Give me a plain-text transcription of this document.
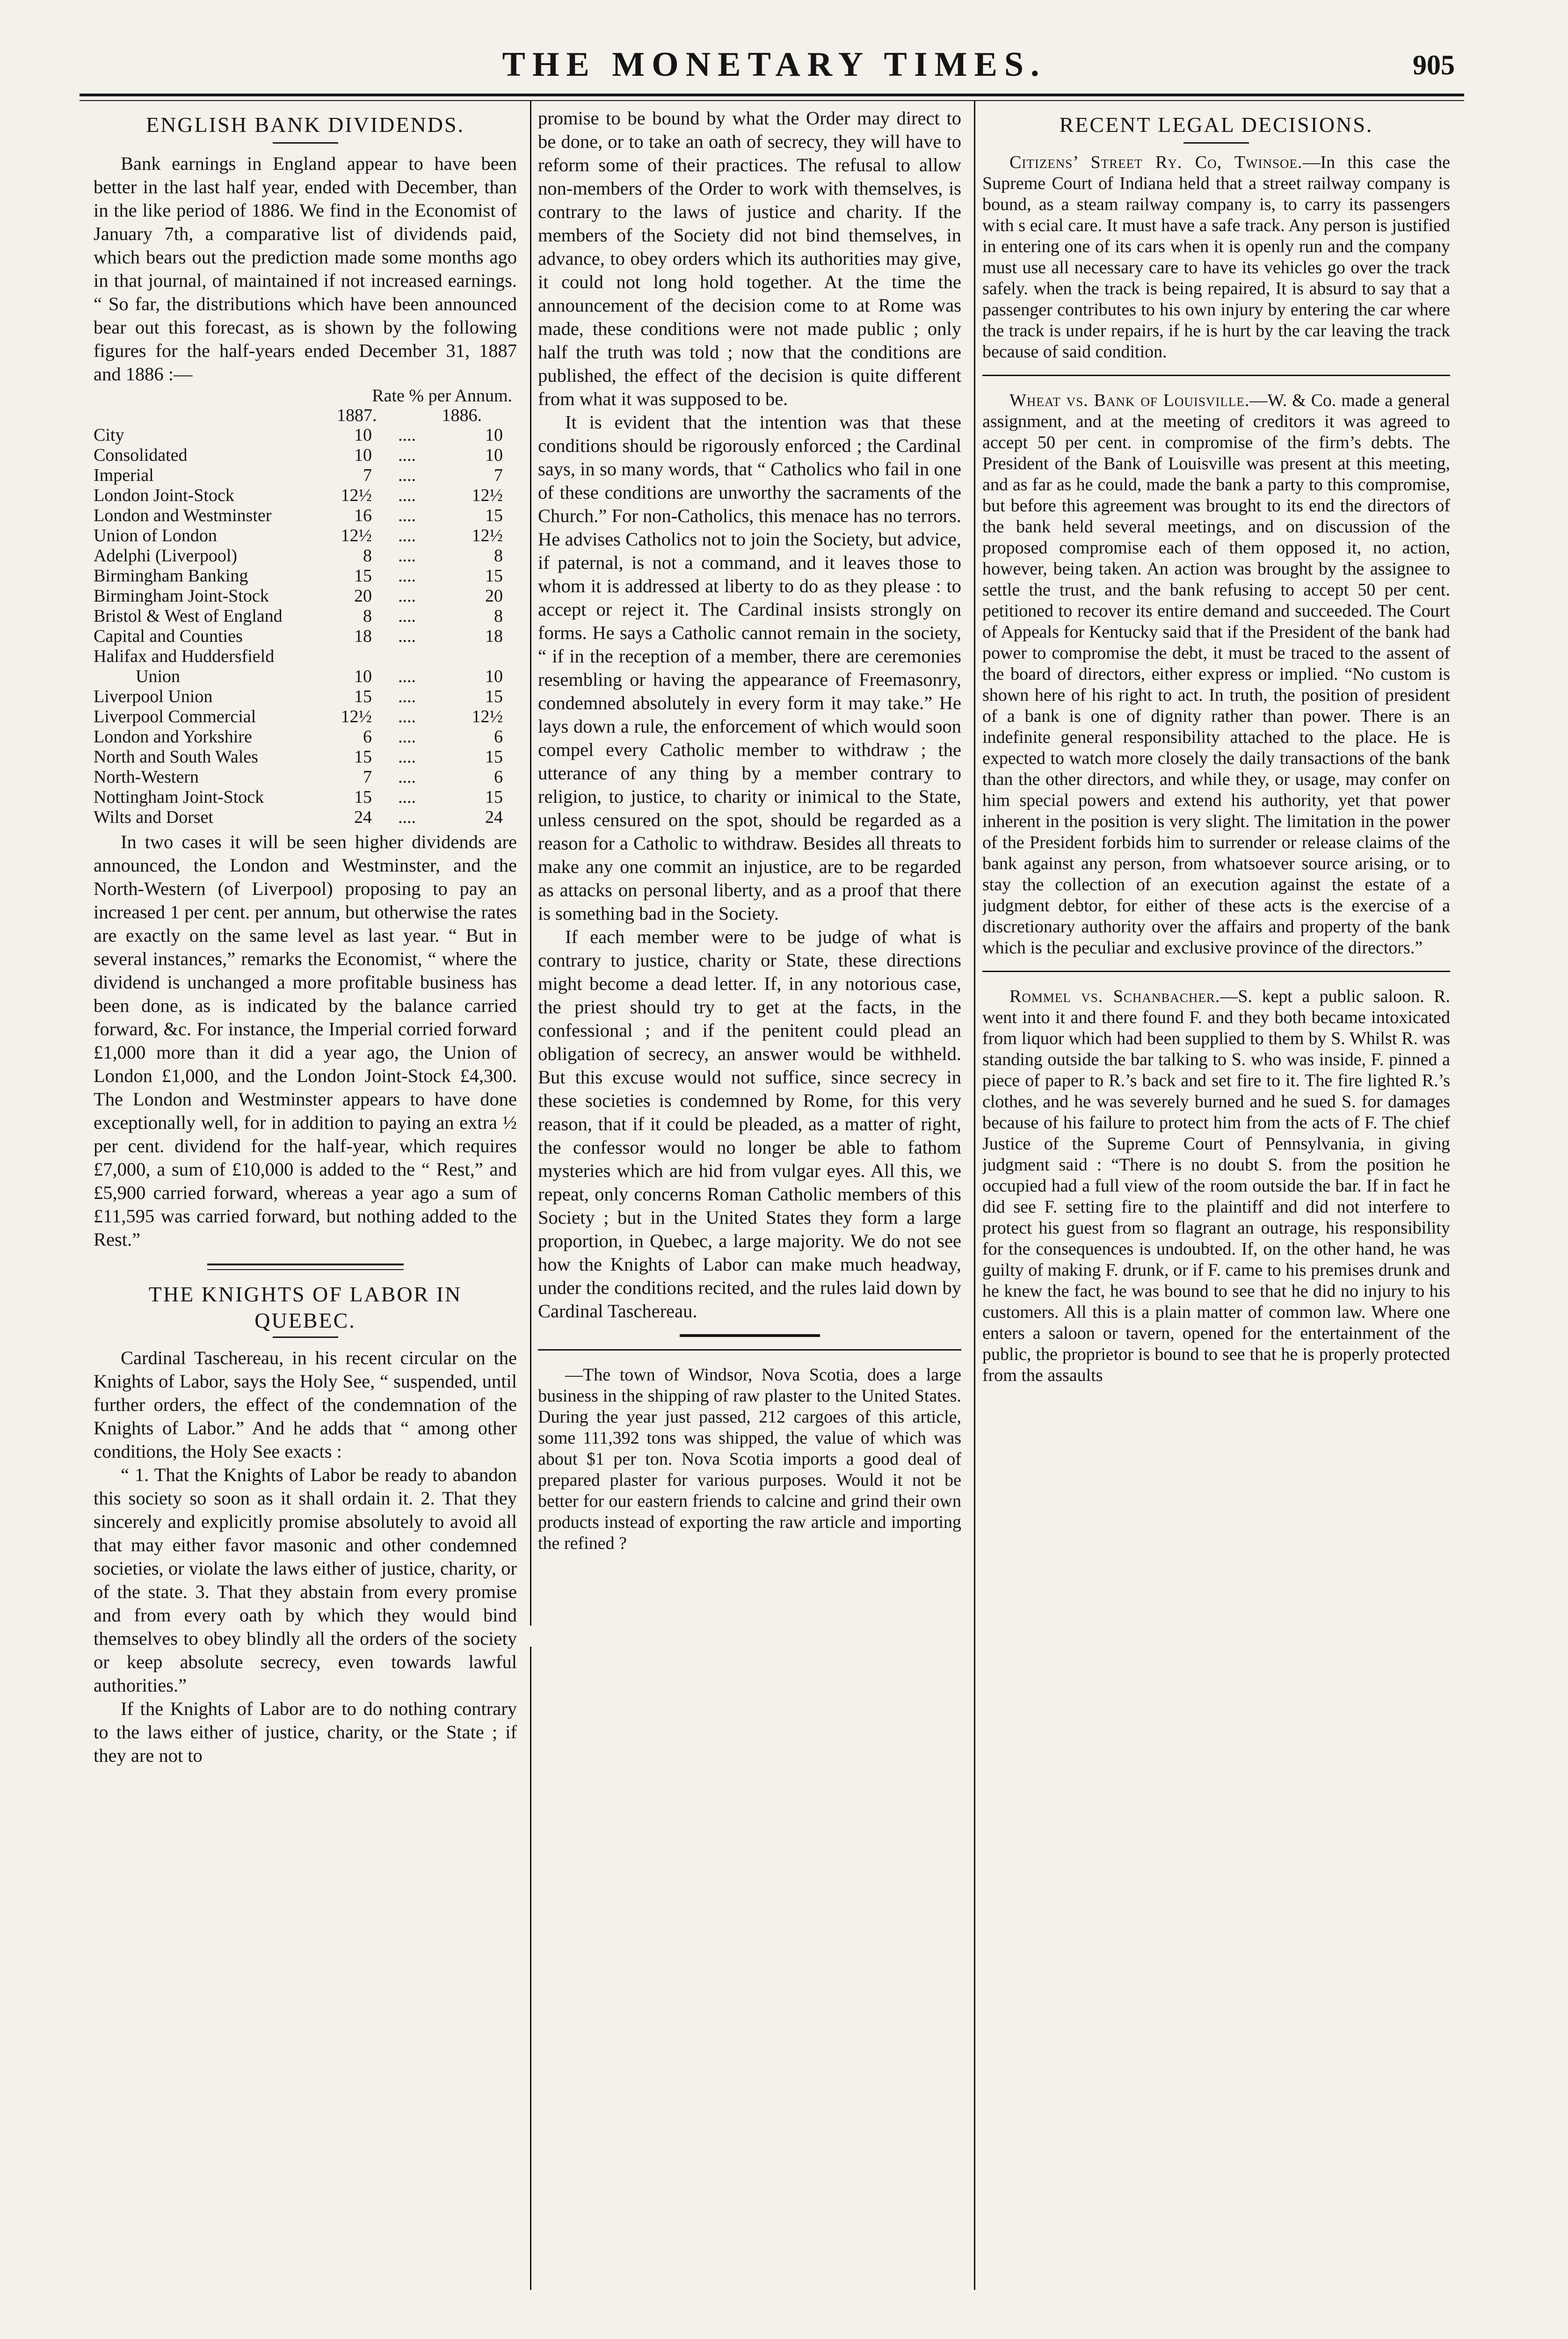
THE MONETARY TIMES.	905
ENGLISH BANK DIVIDENDS.

Bank earnings in England appear to have been better in the last half year, ended with December, than in the like period of 1886. We find in the Economist of January 7th, a comparative list of dividends paid, which bears out the prediction made some months ago in that journal, of maintained if not increased earnings. “ So far, the distributions which have been announced bear out this forecast, as is shown by the following figures for the half-years ended December 31, 1887 and 1886 :—

Rate % per Annum.
1887.	1886.
City	10	....	10
Consolidated	10	....	10
Imperial	7	....	7
London Joint-Stock	12½	....	12½
London and Westminster	16	....	15
Union of London	12½	....	12½
Adelphi (Liverpool)	8	....	8
Birmingham Banking	15	....	15
Birmingham Joint-Stock	20	....	20
Bristol & West of England	8	....	8
Capital and Counties	18	....	18
Halifax and Huddersfield			
Union	10	....	10
Liverpool Union	15	....	15
Liverpool Commercial	12½	....	12½
London and Yorkshire	6	....	6
North and South Wales	15	....	15
North-Western	7	....	6
Nottingham Joint-Stock	15	....	15
Wilts and Dorset	24	....	24

In two cases it will be seen higher dividends are announced, the London and Westminster, and the North-Western (of Liverpool) proposing to pay an increased 1 per cent. per annum, but otherwise the rates are exactly on the same level as last year. “ But in several instances,” remarks the Economist, “ where the dividend is unchanged a more profitable business has been done, as is indicated by the balance carried forward, &c. For instance, the Imperial corried forward £1,000 more than it did a year ago, the Union of London £1,000, and the London Joint-Stock £4,300. The London and Westminster appears to have done exceptionally well, for in addition to paying an extra ½ per cent. dividend for the half-year, which requires £7,000, a sum of £10,000 is added to the “ Rest,” and £5,900 carried forward, whereas a year ago a sum of £11,595 was carried forward, but nothing added to the Rest.”

THE KNIGHTS OF LABOR IN
QUEBEC.

Cardinal Taschereau, in his recent circular on the Knights of Labor, says the Holy See, “ suspended, until further orders, the effect of the condemnation of the Knights of Labor.” And he adds that “ among other conditions, the Holy See exacts :

“ 1. That the Knights of Labor be ready to abandon this society so soon as it shall ordain it. 2. That they sincerely and explicitly promise absolutely to avoid all that may either favor masonic and other condemned societies, or violate the laws either of justice, charity, or of the state. 3. That they abstain from every promise and from every oath by which they would bind themselves to obey blindly all the orders of the society or keep absolute secrecy, even towards lawful authorities.”

If the Knights of Labor are to do nothing contrary to the laws either of justice, charity, or the State ; if they are not to

promise to be bound by what the Order may direct to be done, or to take an oath of secrecy, they will have to reform some of their practices. The refusal to allow non-members of the Order to work with themselves, is contrary to the laws of justice and charity. If the members of the Society did not bind themselves, in advance, to obey orders which its authorities may give, it could not long hold together. At the time the announcement of the decision come to at Rome was made, these conditions were not made public ; only half the truth was told ; now that the conditions are published, the effect of the decision is quite different from what it was supposed to be.

It is evident that the intention was that these conditions should be rigorously enforced ; the Cardinal says, in so many words, that “ Catholics who fail in one of these conditions are unworthy the sacraments of the Church.” For non-Catholics, this menace has no terrors. He advises Catholics not to join the Society, but advice, if paternal, is not a command, and it leaves those to whom it is addressed at liberty to do as they please : to accept or reject it. The Cardinal insists strongly on forms. He says a Catholic cannot remain in the society, “ if in the reception of a member, there are ceremonies resembling or having the appearance of Freemasonry, condemned absolutely in every form it may take.” He lays down a rule, the enforcement of which would soon compel every Catholic member to withdraw ; the utterance of any thing by a member contrary to religion, to justice, to charity or inimical to the State, unless censured on the spot, should be regarded as a reason for a Catholic to withdraw. Besides all threats to make any one commit an injustice, are to be regarded as attacks on personal liberty, and as a proof that there is something bad in the Society.

If each member were to be judge of what is contrary to justice, charity or State, these directions might become a dead letter. If, in any notorious case, the priest should try to get at the facts, in the confessional ; and if the penitent could plead an obligation of secrecy, an answer would be withheld. But this excuse would not suffice, since secrecy in these societies is condemned by Rome, for this very reason, that if it could be pleaded, as a matter of right, the confessor would no longer be able to fathom mysteries which are hid from vulgar eyes. All this, we repeat, only concerns Roman Catholic members of this Society ; but in the United States they form a large proportion, in Quebec, a large majority. We do not see how the Knights of Labor can make much headway, under the conditions recited, and the rules laid down by Cardinal Taschereau.

—The town of Windsor, Nova Scotia, does a large business in the shipping of raw plaster to the United States. During the year just passed, 212 cargoes of this article, some 111,392 tons was shipped, the value of which was about $1 per ton. Nova Scotia imports a good deal of prepared plaster for various purposes. Would it not be better for our eastern friends to calcine and grind their own products instead of exporting the raw article and importing the refined ?

RECENT LEGAL DECISIONS.

Citizens’ Street Ry. Co, Twinsoe.—In this case the Supreme Court of Indiana held that a street railway company is bound, as a steam railway company is, to carry its passengers with s ecial care. It must have a safe track. Any person is justified in entering one of its cars when it is openly run and the company must use all necessary care to have its vehicles go over the track safely. when the track is being repaired, It is absurd to say that a passenger contributes to his own injury by entering the car where the track is under repairs, if he is hurt by the car leaving the track because of said condition.

Wheat vs. Bank of Louisville.—W. & Co. made a general assignment, and at the meeting of creditors it was agreed to accept 50 per cent. in compromise of the firm’s debts. The President of the Bank of Louisville was present at this meeting, and as far as he could, made the bank a party to this compromise, but before this agreement was brought to its end the directors of the bank held several meetings, and on discussion of the proposed compromise each of them opposed it, no action, however, being taken. An action was brought by the assignee to settle the trust, and the bank refusing to accept 50 per cent. petitioned to recover its entire demand and succeeded. The Court of Appeals for Kentucky said that if the President of the bank had power to compromise the debt, it must be traced to the assent of the board of directors, either express or implied. “No custom is shown here of his right to act. In truth, the position of president of a bank is one of dignity rather than power. There is an indefinite general responsibility attached to the place. He is expected to watch more closely the daily transactions of the bank than the other directors, and while they, or usage, may confer on him special powers and extend his authority, yet that power inherent in the position is very slight. The limitation in the power of the President forbids him to surrender or release claims of the bank against any person, from whatsoever source arising, or to stay the collection of an execution against the estate of a judgment debtor, for either of these acts is the exercise of a discretionary authority over the affairs and property of the bank which is the peculiar and exclusive province of the directors.”

Rommel vs. Schanbacher.—S. kept a public saloon. R. went into it and there found F. and they both became intoxicated from liquor which had been supplied to them by S. Whilst R. was standing outside the bar talking to S. who was inside, F. pinned a piece of paper to R.’s back and set fire to it. The fire lighted R.’s clothes, and he was severely burned and he sued S. for damages because of his failure to protect him from the acts of F. The chief Justice of the Supreme Court of Pennsylvania, in giving judgment said : “There is no doubt S. from the position he occupied had a full view of the room outside the bar. If in fact he did see F. setting fire to the plaintiff and did not interfere to protect his guest from so flagrant an outrage, his responsibility for the consequences is undoubted. If, on the other hand, he was guilty of making F. drunk, or if F. came to his premises drunk and he knew the fact, he was bound to see that he did no injury to his customers. All this is a plain matter of common law. Where one enters a saloon or tavern, opened for the entertainment of the public, the proprietor is bound to see that he is properly protected from the assaults
